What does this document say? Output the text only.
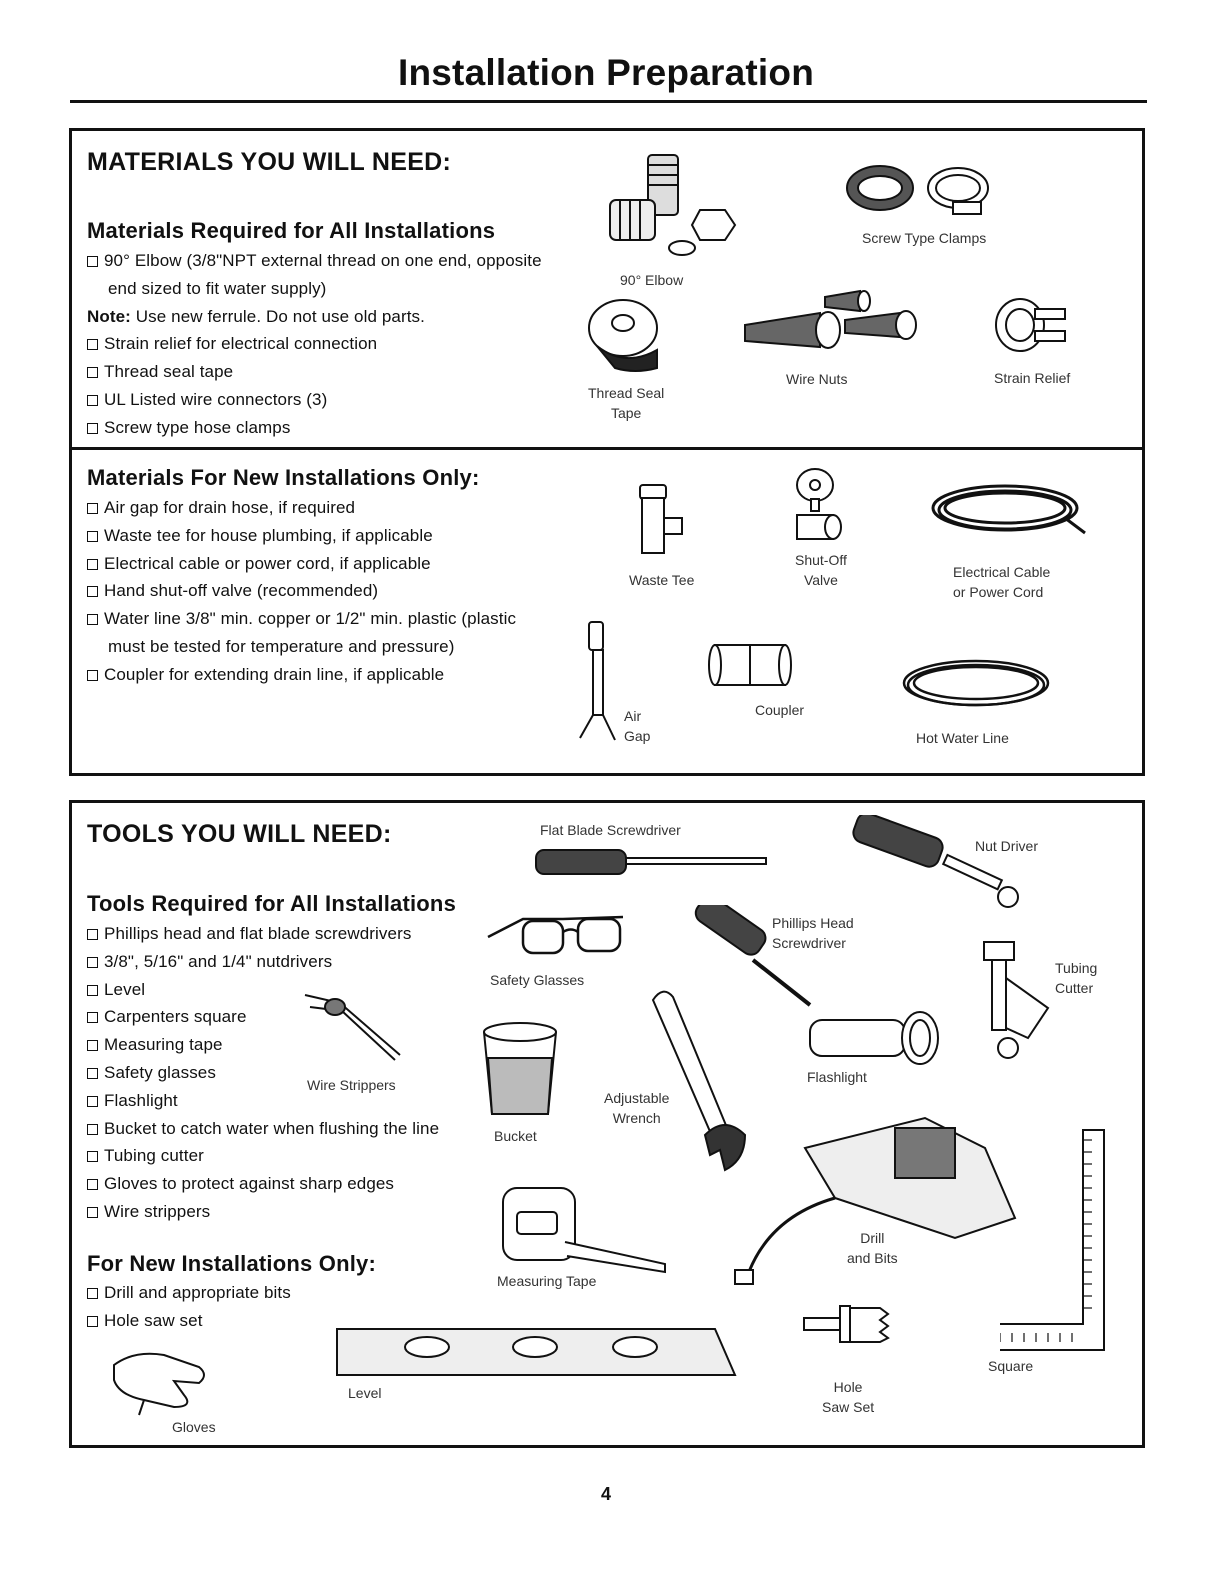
Installation Preparation
MATERIALS YOU WILL NEED:
Materials Required for All Installations
90° Elbow (3/8"NPT external thread on one end, opposite
end sized to fit water supply)
Note: Use new ferrule. Do not use old parts.
Strain relief for electrical connection
Thread seal tape
UL Listed wire connectors (3)
Screw type hose clamps
Materials For New Installations Only:
Air gap for drain hose, if required
Waste tee for house plumbing, if applicable
Electrical cable or power cord, if applicable
Hand shut-off valve (recommended)
Water line 3/8" min. copper or 1/2" min. plastic (plastic
must be tested for temperature and pressure)
Coupler for extending drain line, if applicable
90° Elbow
Screw Type Clamps
Thread Seal
Tape
Wire Nuts	Strain Relief
Waste Tee
Shut-Off
Valve	Electrical Cable
or Power Cord
Air
Gap
Coupler
Hot Water Line
TOOLS YOU WILL NEED:
Tools Required for All Installations
Phillips head and flat blade screwdrivers
3/8", 5/16" and 1/4" nutdrivers
Level
Carpenters square
Measuring tape
Safety glasses
Flashlight
Bucket to catch water when flushing the line
Tubing cutter
Gloves to protect against sharp edges
Wire strippers
For New Installations Only:
Drill and appropriate bits
Hole saw set
Flat Blade Screwdriver
Nut Driver
Safety Glasses
Phillips Head
Screwdriver
Tubing
Cutter
Wire Strippers
Bucket
Adjustable
Wrench
Flashlight
Drill
and Bits
Measuring Tape
Square
Level	Hole
Saw Set
Gloves
4
